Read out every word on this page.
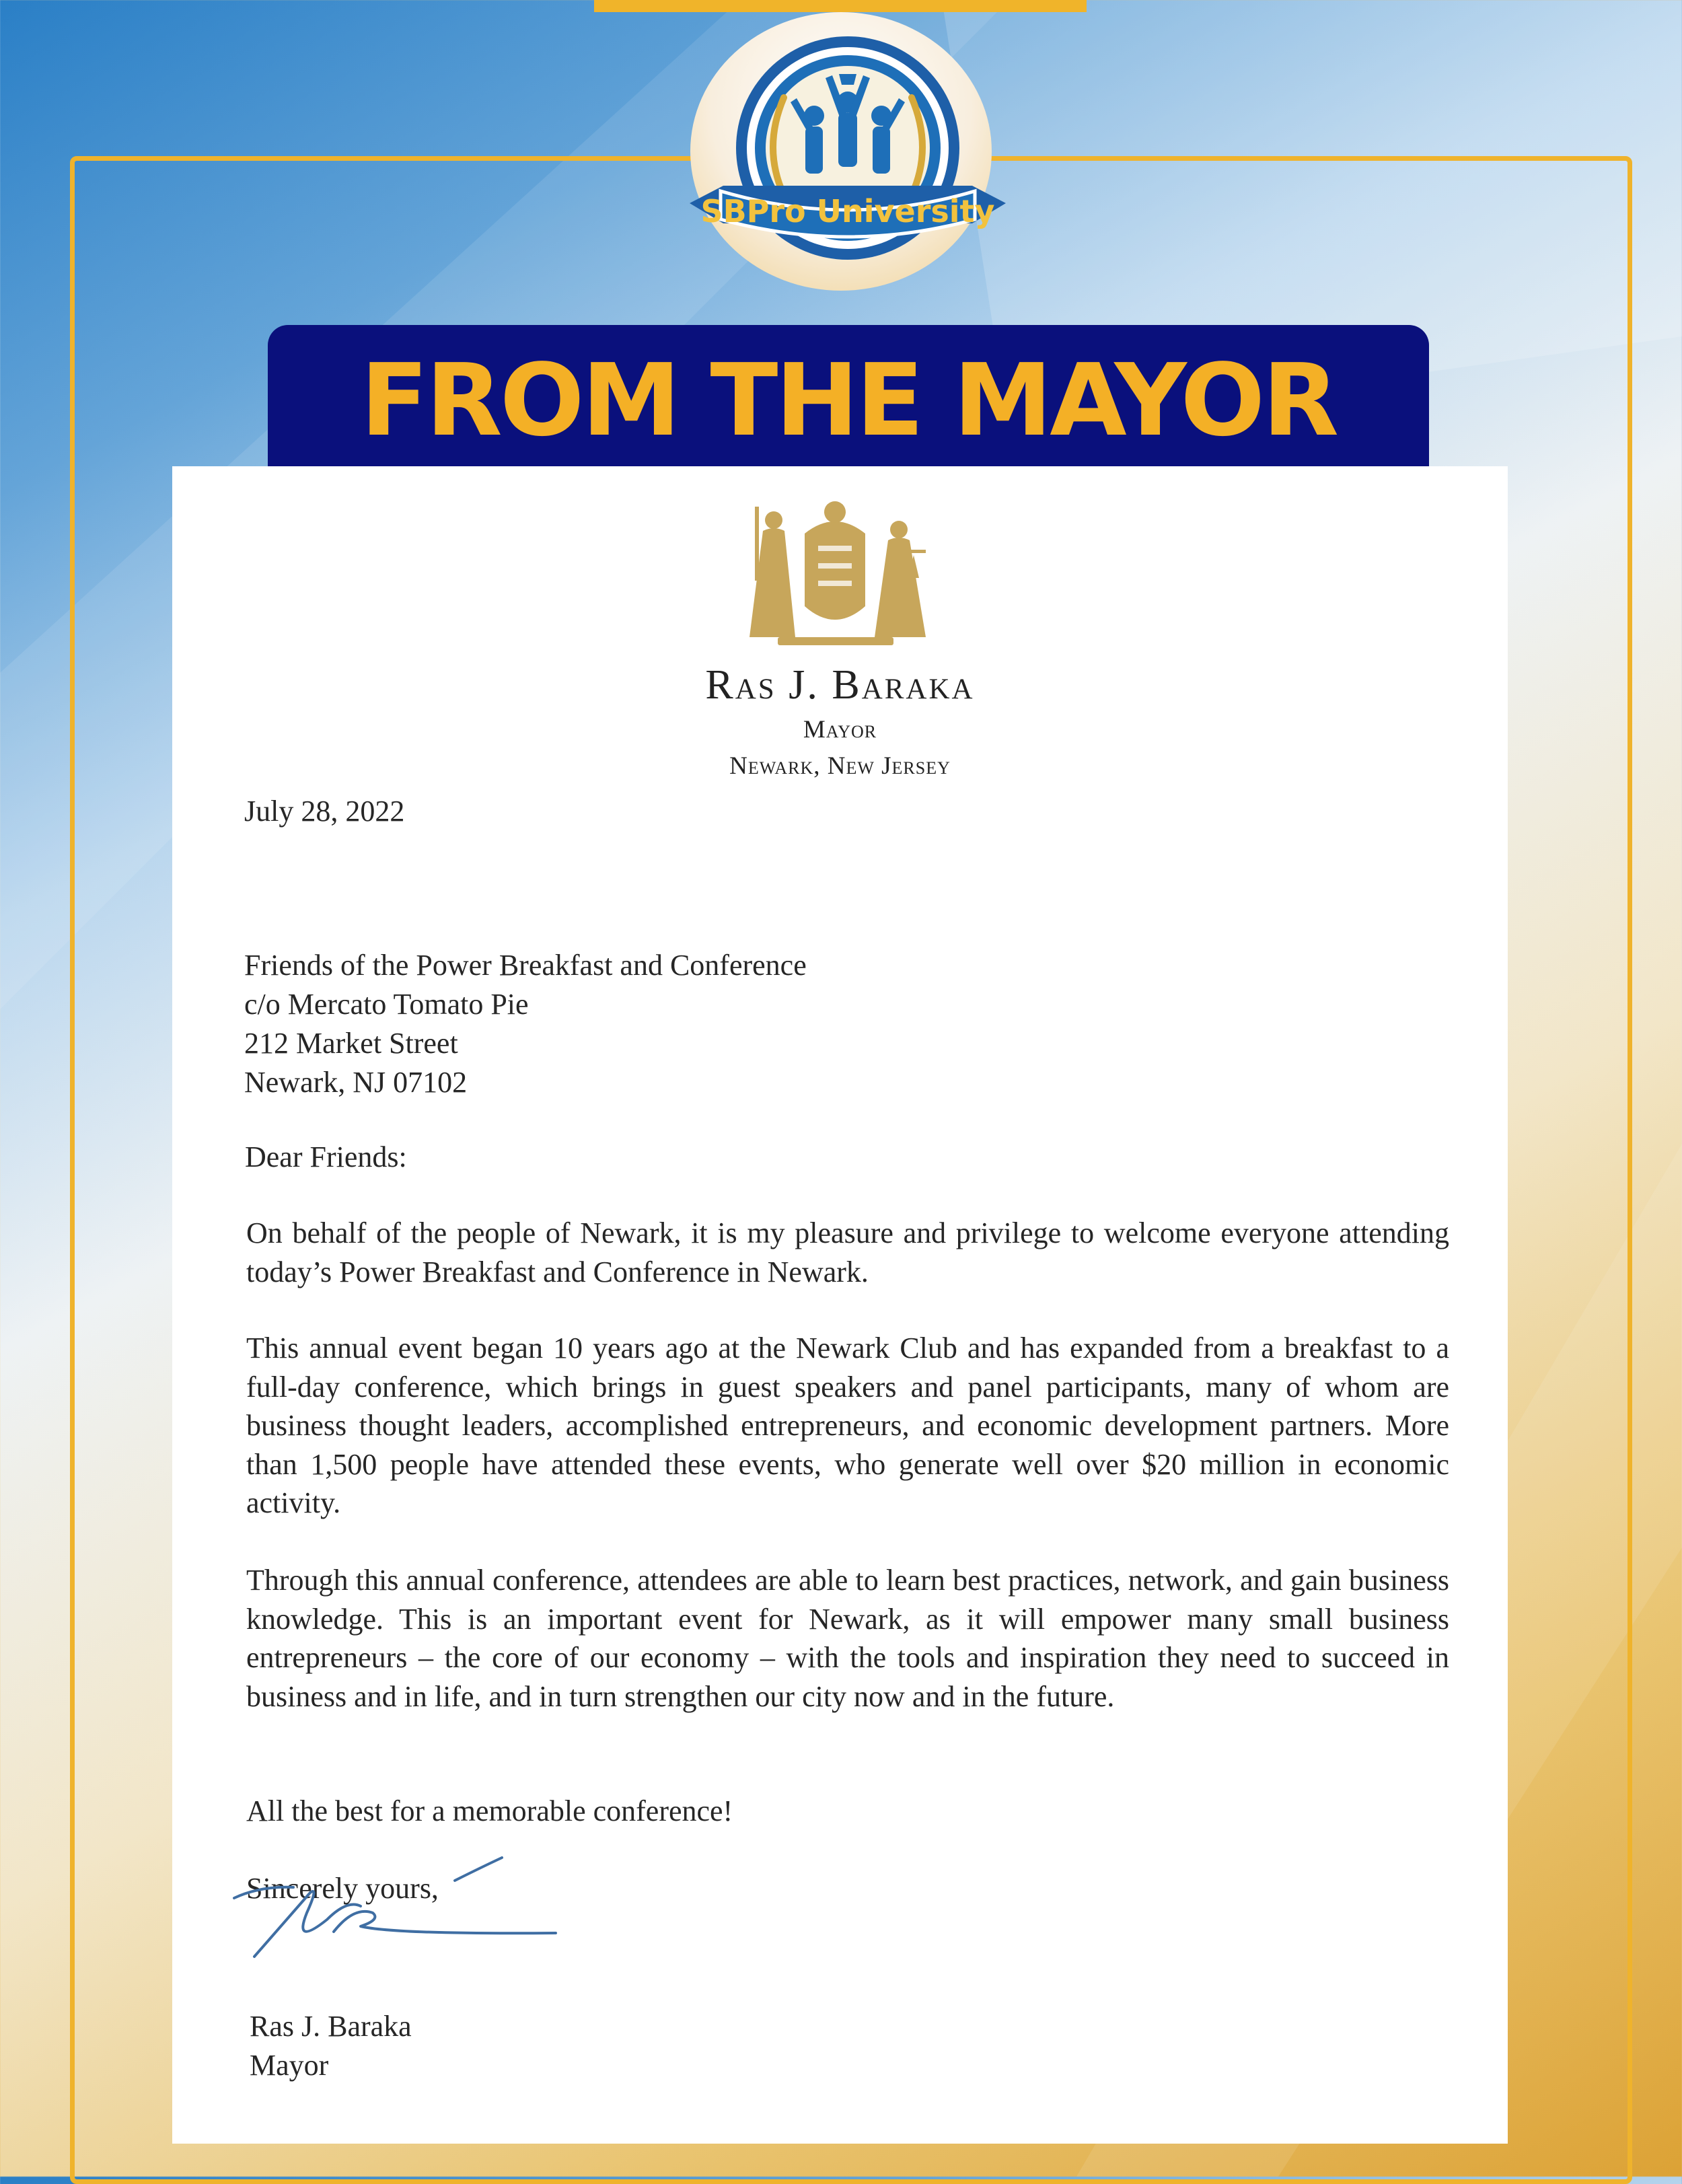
SBPro University
FROM THE MAYOR
Ras J. Baraka
Mayor
Newark, New Jersey
July 28, 2022
Friends of the Power Breakfast and Conference
c/o Mercato Tomato Pie
212 Market Street
Newark, NJ 07102
Dear Friends:
On behalf of the people of Newark, it is my pleasure and privilege to welcome everyone attending today’s Power Breakfast and Conference in Newark.
This annual event began 10 years ago at the Newark Club and has expanded from a breakfast to a full-day conference, which brings in guest speakers and panel participants, many of whom are business thought leaders, accomplished entrepreneurs, and economic development partners. More than 1,500 people have attended these events, who generate well over $20 million in economic activity.
Through this annual conference, attendees are able to learn best practices, network, and gain business knowledge. This is an important event for Newark, as it will empower many small business entrepreneurs – the core of our economy – with the tools and inspiration they need to succeed in business and in life, and in turn strengthen our city now and in the future.
All the best for a memorable conference!
Sincerely yours,
Ras J. Baraka
Mayor
